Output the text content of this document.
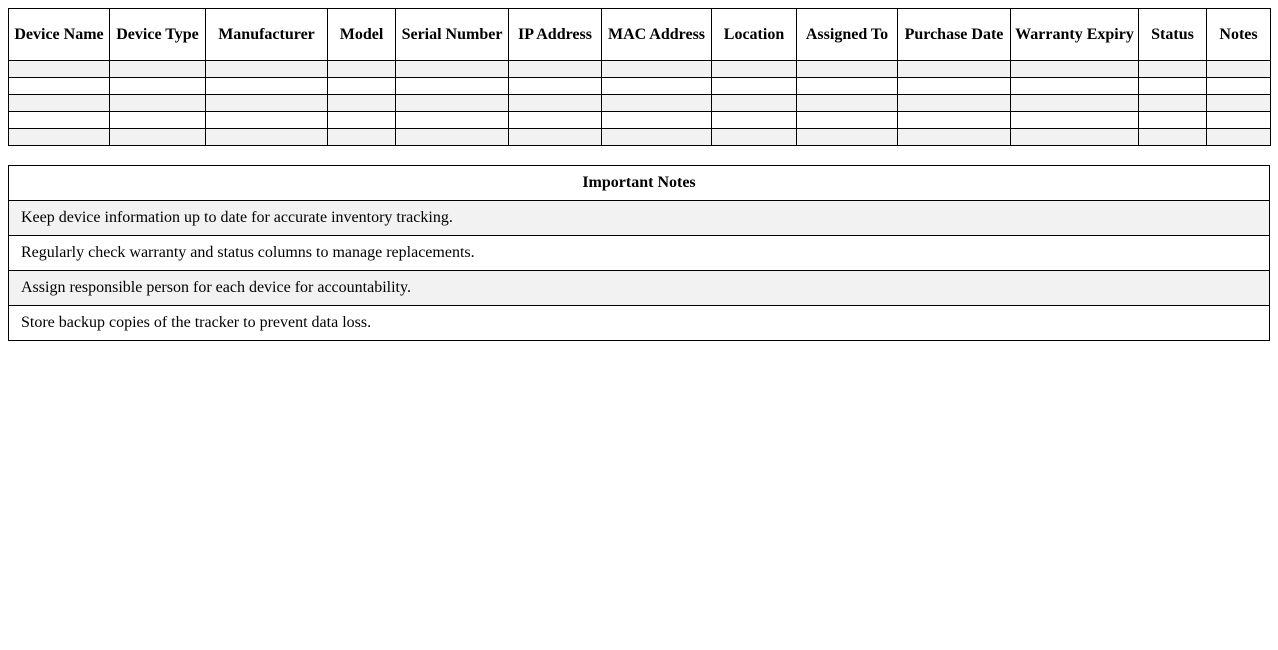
Device Name	Device Type	Manufacturer	Model	Serial Number	IP Address	MAC Address	Location	Assigned To	Purchase Date	Warranty Expiry	Status	Notes

Important Notes
Keep device information up to date for accurate inventory tracking.
Regularly check warranty and status columns to manage replacements.
Assign responsible person for each device for accountability.
Store backup copies of the tracker to prevent data loss.
